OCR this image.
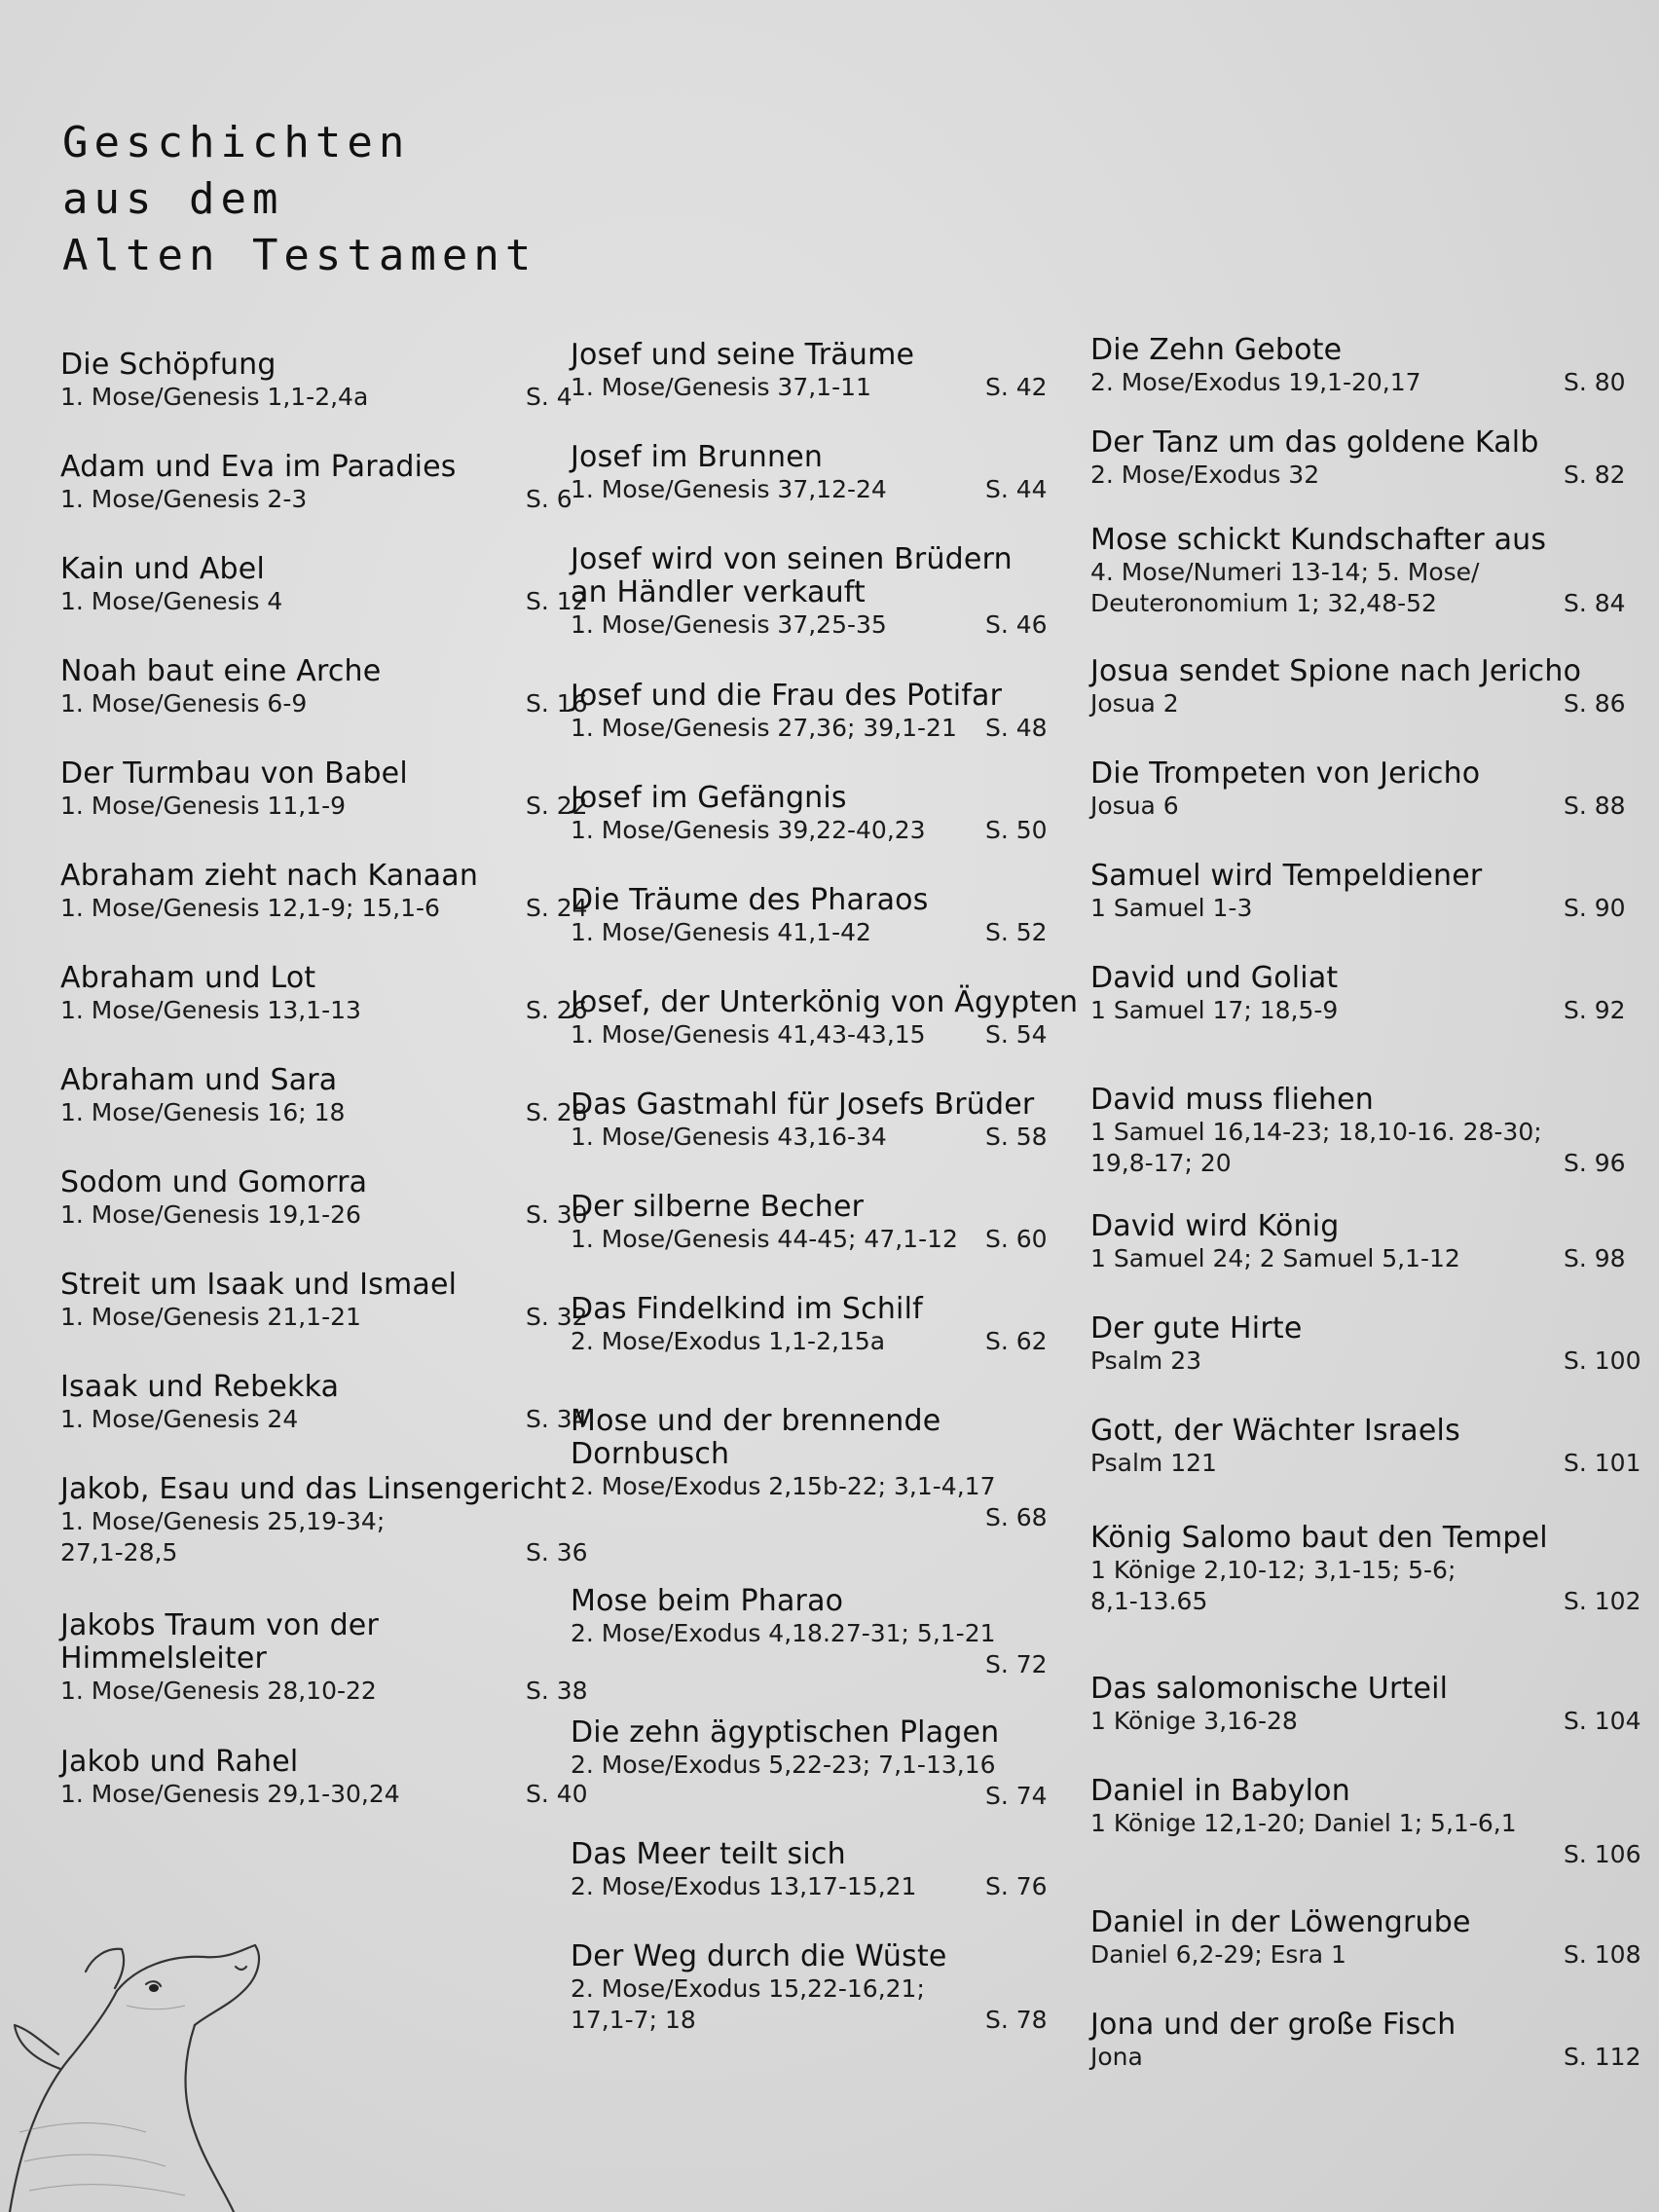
Geschichten
aus dem
Alten Testament
Die Schöpfung
1. Mose/Genesis 1,1-2,4a	S. 4
Adam und Eva im Paradies
1. Mose/Genesis 2-3	S. 6
Kain und Abel
1. Mose/Genesis 4	S. 12
Noah baut eine Arche
1. Mose/Genesis 6-9	S. 16
Der Turmbau von Babel
1. Mose/Genesis 11,1-9	S. 22
Abraham zieht nach Kanaan
1. Mose/Genesis 12,1-9; 15,1-6	S. 24
Abraham und Lot
1. Mose/Genesis 13,1-13	S. 26
Abraham und Sara
1. Mose/Genesis 16; 18	S. 28
Sodom und Gomorra
1. Mose/Genesis 19,1-26	S. 30
Streit um Isaak und Ismael
1. Mose/Genesis 21,1-21	S. 32
Isaak und Rebekka
1. Mose/Genesis 24	S. 34
Jakob, Esau und das Linsengericht
1. Mose/Genesis 25,19-34;
27,1-28,5	S. 36
Jakobs Traum von der
Himmelsleiter
1. Mose/Genesis 28,10-22	S. 38
Jakob und Rahel
1. Mose/Genesis 29,1-30,24	S. 40
Josef und seine Träume
1. Mose/Genesis 37,1-11	S. 42
Josef im Brunnen
1. Mose/Genesis 37,12-24	S. 44
Josef wird von seinen Brüdern
an Händler verkauft
1. Mose/Genesis 37,25-35	S. 46
Josef und die Frau des Potifar
1. Mose/Genesis 27,36; 39,1-21	S. 48
Josef im Gefängnis
1. Mose/Genesis 39,22-40,23	S. 50
Die Träume des Pharaos
1. Mose/Genesis 41,1-42	S. 52
Josef, der Unterkönig von Ägypten
1. Mose/Genesis 41,43-43,15	S. 54
Das Gastmahl für Josefs Brüder
1. Mose/Genesis 43,16-34	S. 58
Der silberne Becher
1. Mose/Genesis 44-45; 47,1-12	S. 60
Das Findelkind im Schilf
2. Mose/Exodus 1,1-2,15a	S. 62
Mose und der brennende
Dornbusch
2. Mose/Exodus 2,15b-22; 3,1-4,17
S. 68
Mose beim Pharao
2. Mose/Exodus 4,18.27-31; 5,1-21
S. 72
Die zehn ägyptischen Plagen
2. Mose/Exodus 5,22-23; 7,1-13,16
S. 74
Das Meer teilt sich
2. Mose/Exodus 13,17-15,21	S. 76
Der Weg durch die Wüste
2. Mose/Exodus 15,22-16,21;
17,1-7; 18	S. 78
Die Zehn Gebote
2. Mose/Exodus 19,1-20,17	S. 80
Der Tanz um das goldene Kalb
2. Mose/Exodus 32	S. 82
Mose schickt Kundschafter aus
4. Mose/Numeri 13-14; 5. Mose/
Deuteronomium 1; 32,48-52	S. 84
Josua sendet Spione nach Jericho
Josua 2	S. 86
Die Trompeten von Jericho
Josua 6	S. 88
Samuel wird Tempeldiener
1 Samuel 1-3	S. 90
David und Goliat
1 Samuel 17; 18,5-9	S. 92
David muss fliehen
1 Samuel 16,14-23; 18,10-16. 28-30;
19,8-17; 20	S. 96
David wird König
1 Samuel 24; 2 Samuel 5,1-12	S. 98
Der gute Hirte
Psalm 23	S. 100
Gott, der Wächter Israels
Psalm 121	S. 101
König Salomo baut den Tempel
1 Könige 2,10-12; 3,1-15; 5-6;
8,1-13.65	S. 102
Das salomonische Urteil
1 Könige 3,16-28	S. 104
Daniel in Babylon
1 Könige 12,1-20; Daniel 1; 5,1-6,1
S. 106
Daniel in der Löwengrube
Daniel 6,2-29; Esra 1	S. 108
Jona und der große Fisch
Jona	S. 112
